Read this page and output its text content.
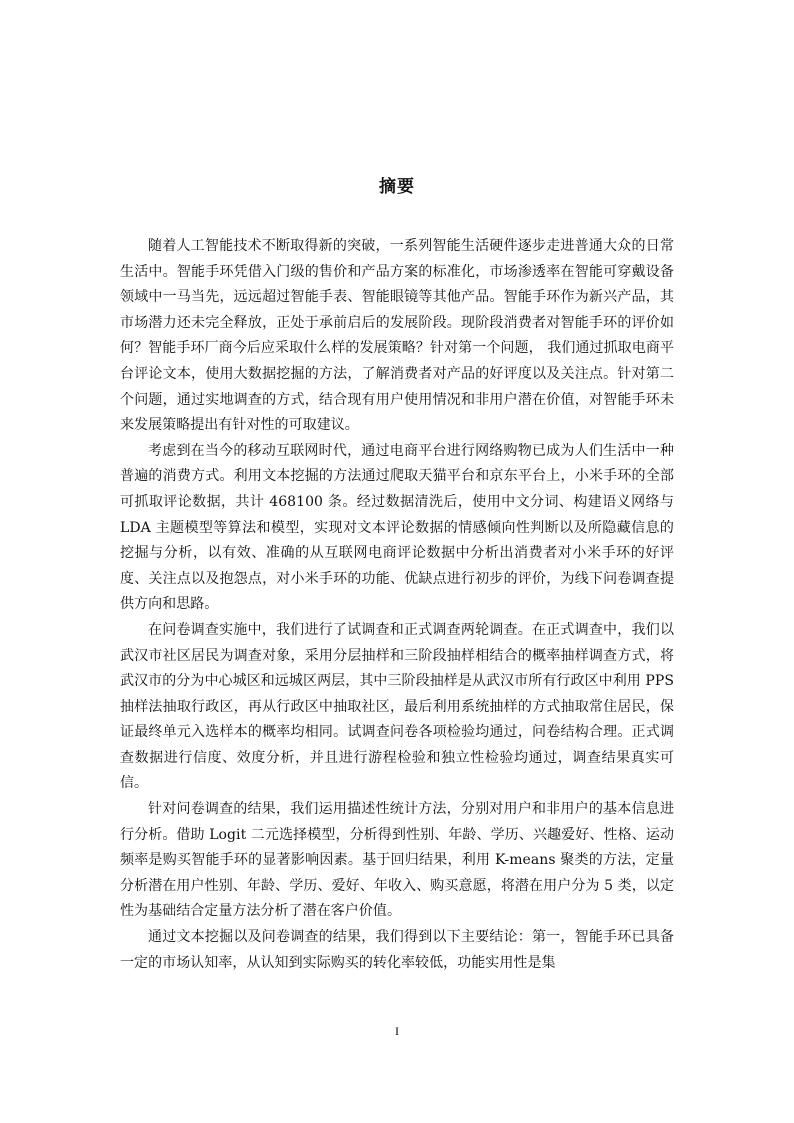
摘要

随着人工智能技术不断取得新的突破，一系列智能生活硬件逐步走进普通大众的日常生活中。智能手环凭借入门级的售价和产品方案的标准化，市场渗透率在智能可穿戴设备领域中一马当先，远远超过智能手表、智能眼镜等其他产品。智能手环作为新兴产品，其市场潜力还未完全释放，正处于承前启后的发展阶段。现阶段消费者对智能手环的评价如何？智能手环厂商今后应采取什么样的发展策略？针对第一个问题， 我们通过抓取电商平台评论文本，使用大数据挖掘的方法，了解消费者对产品的好评度以及关注点。针对第二个问题，通过实地调查的方式，结合现有用户使用情况和非用户潜在价值，对智能手环未来发展策略提出有针对性的可取建议。

考虑到在当今的移动互联网时代，通过电商平台进行网络购物已成为人们生活中一种普遍的消费方式。利用文本挖掘的方法通过爬取天猫平台和京东平台上，小米手环的全部可抓取评论数据，共计 468100 条。经过数据清洗后，使用中文分词、构建语义网络与 LDA 主题模型等算法和模型，实现对文本评论数据的情感倾向性判断以及所隐藏信息的挖掘与分析，以有效、准确的从互联网电商评论数据中分析出消费者对小米手环的好评度、关注点以及抱怨点，对小米手环的功能、优缺点进行初步的评价，为线下问卷调查提供方向和思路。

在问卷调查实施中，我们进行了试调查和正式调查两轮调查。在正式调查中，我们以武汉市社区居民为调查对象，采用分层抽样和三阶段抽样相结合的概率抽样调查方式，将武汉市的分为中心城区和远城区两层，其中三阶段抽样是从武汉市所有行政区中利用 PPS 抽样法抽取行政区，再从行政区中抽取社区，最后利用系统抽样的方式抽取常住居民，保证最终单元入选样本的概率均相同。试调查问卷各项检验均通过，问卷结构合理。正式调查数据进行信度、效度分析，并且进行游程检验和独立性检验均通过，调查结果真实可信。

针对问卷调查的结果，我们运用描述性统计方法，分别对用户和非用户的基本信息进行分析。借助 Logit 二元选择模型，分析得到性别、年龄、学历、兴趣爱好、性格、运动频率是购买智能手环的显著影响因素。基于回归结果，利用 K-means 聚类的方法，定量分析潜在用户性别、年龄、学历、爱好、年收入、购买意愿，将潜在用户分为 5 类，以定性为基础结合定量方法分析了潜在客户价值。

通过文本挖掘以及问卷调查的结果，我们得到以下主要结论：第一，智能手环已具备一定的市场认知率，从认知到实际购买的转化率较低，功能实用性是集

I
